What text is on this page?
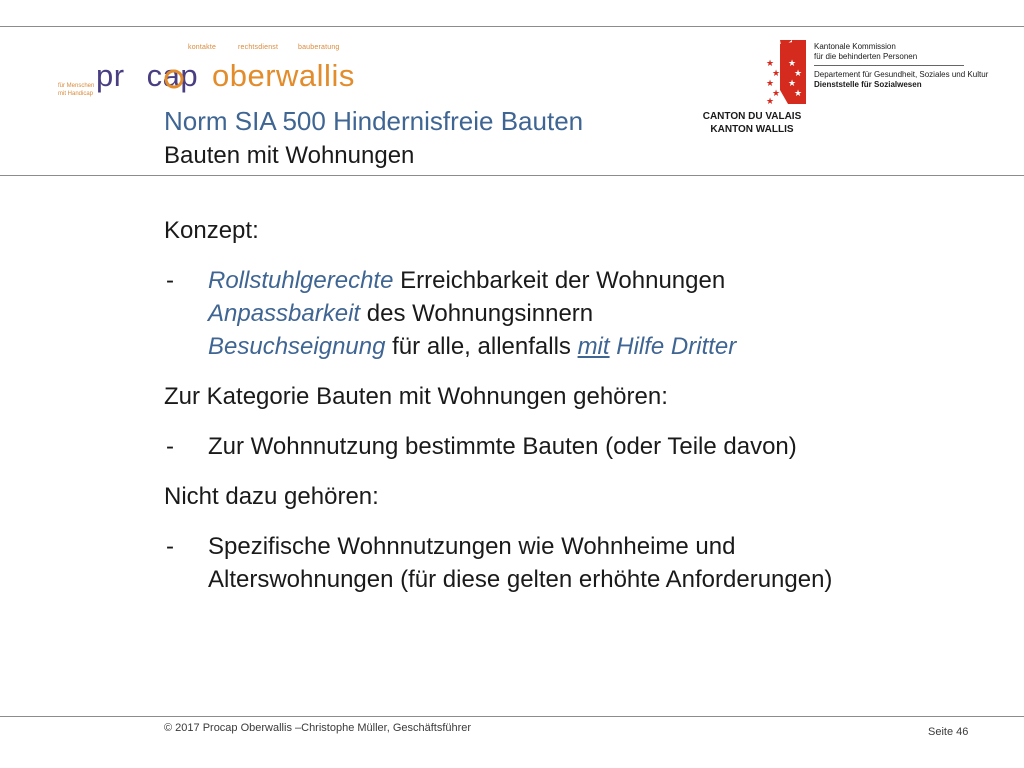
kontakte	rechtsdienst	bauberatung
für Menschen
mit Handicap
pr cap oberwallis
Norm SIA 500 Hindernisfreie Bauten
Bauten mit Wohnungen
★
★
★
★
★
★
★
★
★
CANTON DU VALAIS
KANTON WALLIS
Kantonale Kommission
für die behinderten Personen
Departement für Gesundheit, Soziales und Kultur
Dienststelle für Sozialwesen

Konzept:

- Rollstuhlgerechte Erreichbarkeit der Wohnungen
Anpassbarkeit des Wohnungsinnern
Besuchseignung für alle, allenfalls mit Hilfe Dritter

Zur Kategorie Bauten mit Wohnungen gehören:

- Zur Wohnnutzung bestimmte Bauten (oder Teile davon)

Nicht dazu gehören:

- Spezifische Wohnnutzungen wie Wohnheime und
Alterswohnungen (für diese gelten erhöhte Anforderungen)
© 2017 Procap Oberwallis –Christophe Müller, Geschäftsführer	Seite 46
